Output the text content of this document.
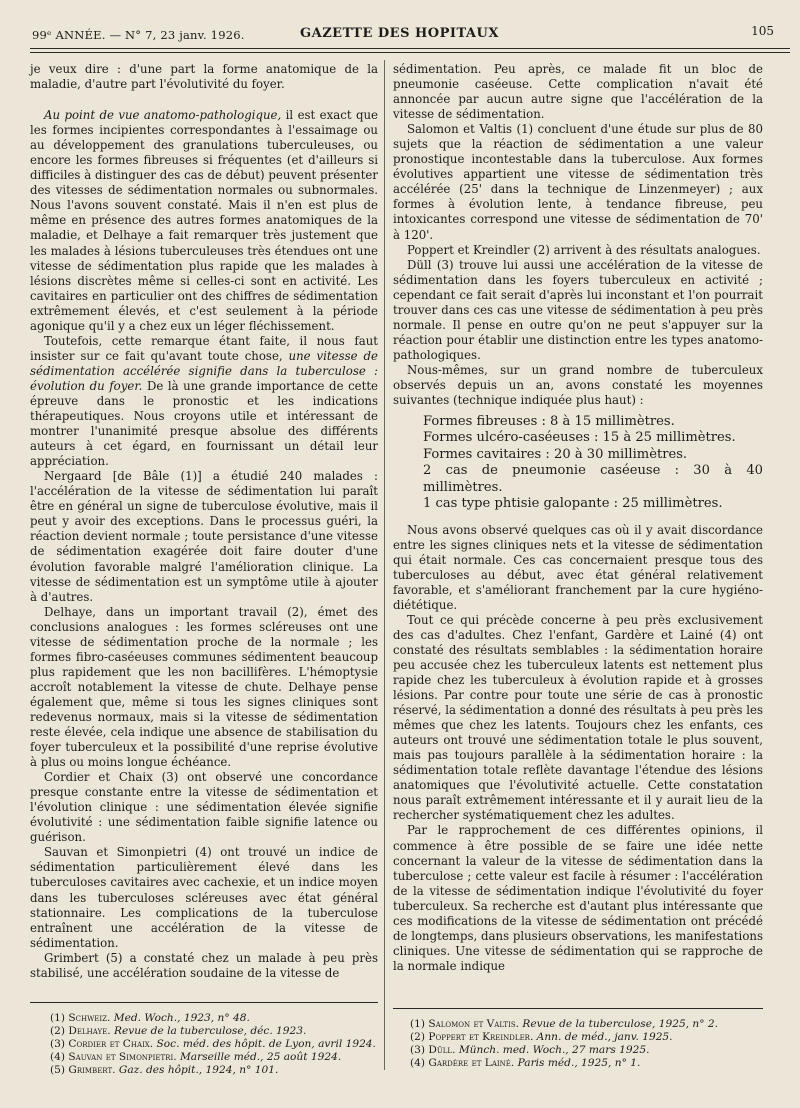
99ᵉ ANNÉE. — N° 7, 23 janv. 1926.	GAZETTE DES HOPITAUX	105

je veux dire : d'une part la forme anatomique de la maladie, d'autre part l'évolutivité du foyer.

Au point de vue anatomo-pathologique, il est exact que les formes incipientes correspondantes à l'essaimage ou au développement des granulations tuberculeuses, ou encore les formes fibreuses si fréquentes (et d'ailleurs si difficiles à distinguer des cas de début) peuvent présenter des vitesses de sédimentation normales ou subnormales. Nous l'avons souvent constaté. Mais il n'en est plus de même en présence des autres formes anatomiques de la maladie, et Delhaye a fait remarquer très justement que les malades à lésions tuberculeuses très étendues ont une vitesse de sédimentation plus rapide que les malades à lésions discrètes même si celles-ci sont en activité. Les cavitaires en particulier ont des chiffres de sédimentation extrêmement élevés, et c'est seulement à la période agonique qu'il y a chez eux un léger fléchissement.

Toutefois, cette remarque étant faite, il nous faut insister sur ce fait qu'avant toute chose, une vitesse de sédimentation accélérée signifie dans la tuberculose : évolution du foyer. De là une grande importance de cette épreuve dans le pronostic et les indications thérapeutiques. Nous croyons utile et intéressant de montrer l'unanimité presque absolue des différents auteurs à cet égard, en fournissant un détail leur appréciation.

Nergaard [de Bâle (1)] a étudié 240 malades : l'accélération de la vitesse de sédimentation lui paraît être en général un signe de tuberculose évolutive, mais il peut y avoir des exceptions. Dans le processus guéri, la réaction devient normale ; toute persistance d'une vitesse de sédimentation exagérée doit faire douter d'une évolution favorable malgré l'amélioration clinique. La vitesse de sédimentation est un symptôme utile à ajouter à d'autres.

Delhaye, dans un important travail (2), émet des conclusions analogues : les formes scléreuses ont une vitesse de sédimentation proche de la normale ; les formes fibro-caséeuses communes sédimentent beaucoup plus rapidement que les non bacillifères. L'hémoptysie accroît notablement la vitesse de chute. Delhaye pense également que, même si tous les signes cliniques sont redevenus normaux, mais si la vitesse de sédimentation reste élevée, cela indique une absence de stabilisation du foyer tuberculeux et la possibilité d'une reprise évolutive à plus ou moins longue échéance.

Cordier et Chaix (3) ont observé une concordance presque constante entre la vitesse de sédimentation et l'évolution clinique : une sédimentation élevée signifie évolutivité : une sédimentation faible signifie latence ou guérison.

Sauvan et Simonpietri (4) ont trouvé un indice de sédimentation particulièrement élevé dans les tuberculoses cavitaires avec cachexie, et un indice moyen dans les tuberculoses scléreuses avec état général stationnaire. Les complications de la tuberculose entraînent une accélération de la vitesse de sédimentation.

Grimbert (5) a constaté chez un malade à peu près stabilisé, une accélération soudaine de la vitesse de

(1) Schweiz. Med. Woch., 1923, n° 48.
(2) Delhaye. Revue de la tuberculose, déc. 1923.
(3) Cordier et Chaix. Soc. méd. des hôpit. de Lyon, avril 1924.
(4) Sauvan et Simonpietri. Marseille méd., 25 août 1924.
(5) Grimbert. Gaz. des hôpit., 1924, n° 101.

sédimentation. Peu après, ce malade fit un bloc de pneumonie caséeuse. Cette complication n'avait été annoncée par aucun autre signe que l'accélération de la vitesse de sédimentation.

Salomon et Valtis (1) concluent d'une étude sur plus de 80 sujets que la réaction de sédimentation a une valeur pronostique incontestable dans la tuberculose. Aux formes évolutives appartient une vitesse de sédimentation très accélérée (25' dans la technique de Linzenmeyer) ; aux formes à évolution lente, à tendance fibreuse, peu intoxicantes correspond une vitesse de sédimentation de 70' à 120'.

Poppert et Kreindler (2) arrivent à des résultats analogues.

Düll (3) trouve lui aussi une accélération de la vitesse de sédimentation dans les foyers tuberculeux en activité ; cependant ce fait serait d'après lui inconstant et l'on pourrait trouver dans ces cas une vitesse de sédimentation à peu près normale. Il pense en outre qu'on ne peut s'appuyer sur la réaction pour établir une distinction entre les types anatomo-pathologiques.

Nous-mêmes, sur un grand nombre de tuberculeux observés depuis un an, avons constaté les moyennes suivantes (technique indiquée plus haut) :

Formes fibreuses : 8 à 15 millimètres.
Formes ulcéro-caséeuses : 15 à 25 millimètres.
Formes cavitaires : 20 à 30 millimètres.
2 cas de pneumonie caséeuse : 30 à 40 millimètres.
1 cas type phtisie galopante : 25 millimètres.

Nous avons observé quelques cas où il y avait discordance entre les signes cliniques nets et la vitesse de sédimentation qui était normale. Ces cas concernaient presque tous des tuberculoses au début, avec état général relativement favorable, et s'améliorant franchement par la cure hygiéno-diététique.

Tout ce qui précède concerne à peu près exclusivement des cas d'adultes. Chez l'enfant, Gardère et Lainé (4) ont constaté des résultats semblables : la sédimentation horaire peu accusée chez les tuberculeux latents est nettement plus rapide chez les tuberculeux à évolution rapide et à grosses lésions. Par contre pour toute une série de cas à pronostic réservé, la sédimentation a donné des résultats à peu près les mêmes que chez les latents. Toujours chez les enfants, ces auteurs ont trouvé une sédimentation totale le plus souvent, mais pas toujours parallèle à la sédimentation horaire : la sédimentation totale reflète davantage l'étendue des lésions anatomiques que l'évolutivité actuelle. Cette constatation nous paraît extrêmement intéressante et il y aurait lieu de la rechercher systématiquement chez les adultes.

Par le rapprochement de ces différentes opinions, il commence à être possible de se faire une idée nette concernant la valeur de la vitesse de sédimentation dans la tuberculose ; cette valeur est facile à résumer : l'accélération de la vitesse de sédimentation indique l'évolutivité du foyer tuberculeux. Sa recherche est d'autant plus intéressante que ces modifications de la vitesse de sédimentation ont précédé de longtemps, dans plusieurs observations, les manifestations cliniques. Une vitesse de sédimentation qui se rapproche de la normale indique

(1) Salomon et Valtis. Revue de la tuberculose, 1925, n° 2.
(2) Poppert et Kreindler. Ann. de méd., janv. 1925.
(3) Düll. Münch. med. Woch., 27 mars 1925.
(4) Gardère et Lainé. Paris méd., 1925, n° 1.
